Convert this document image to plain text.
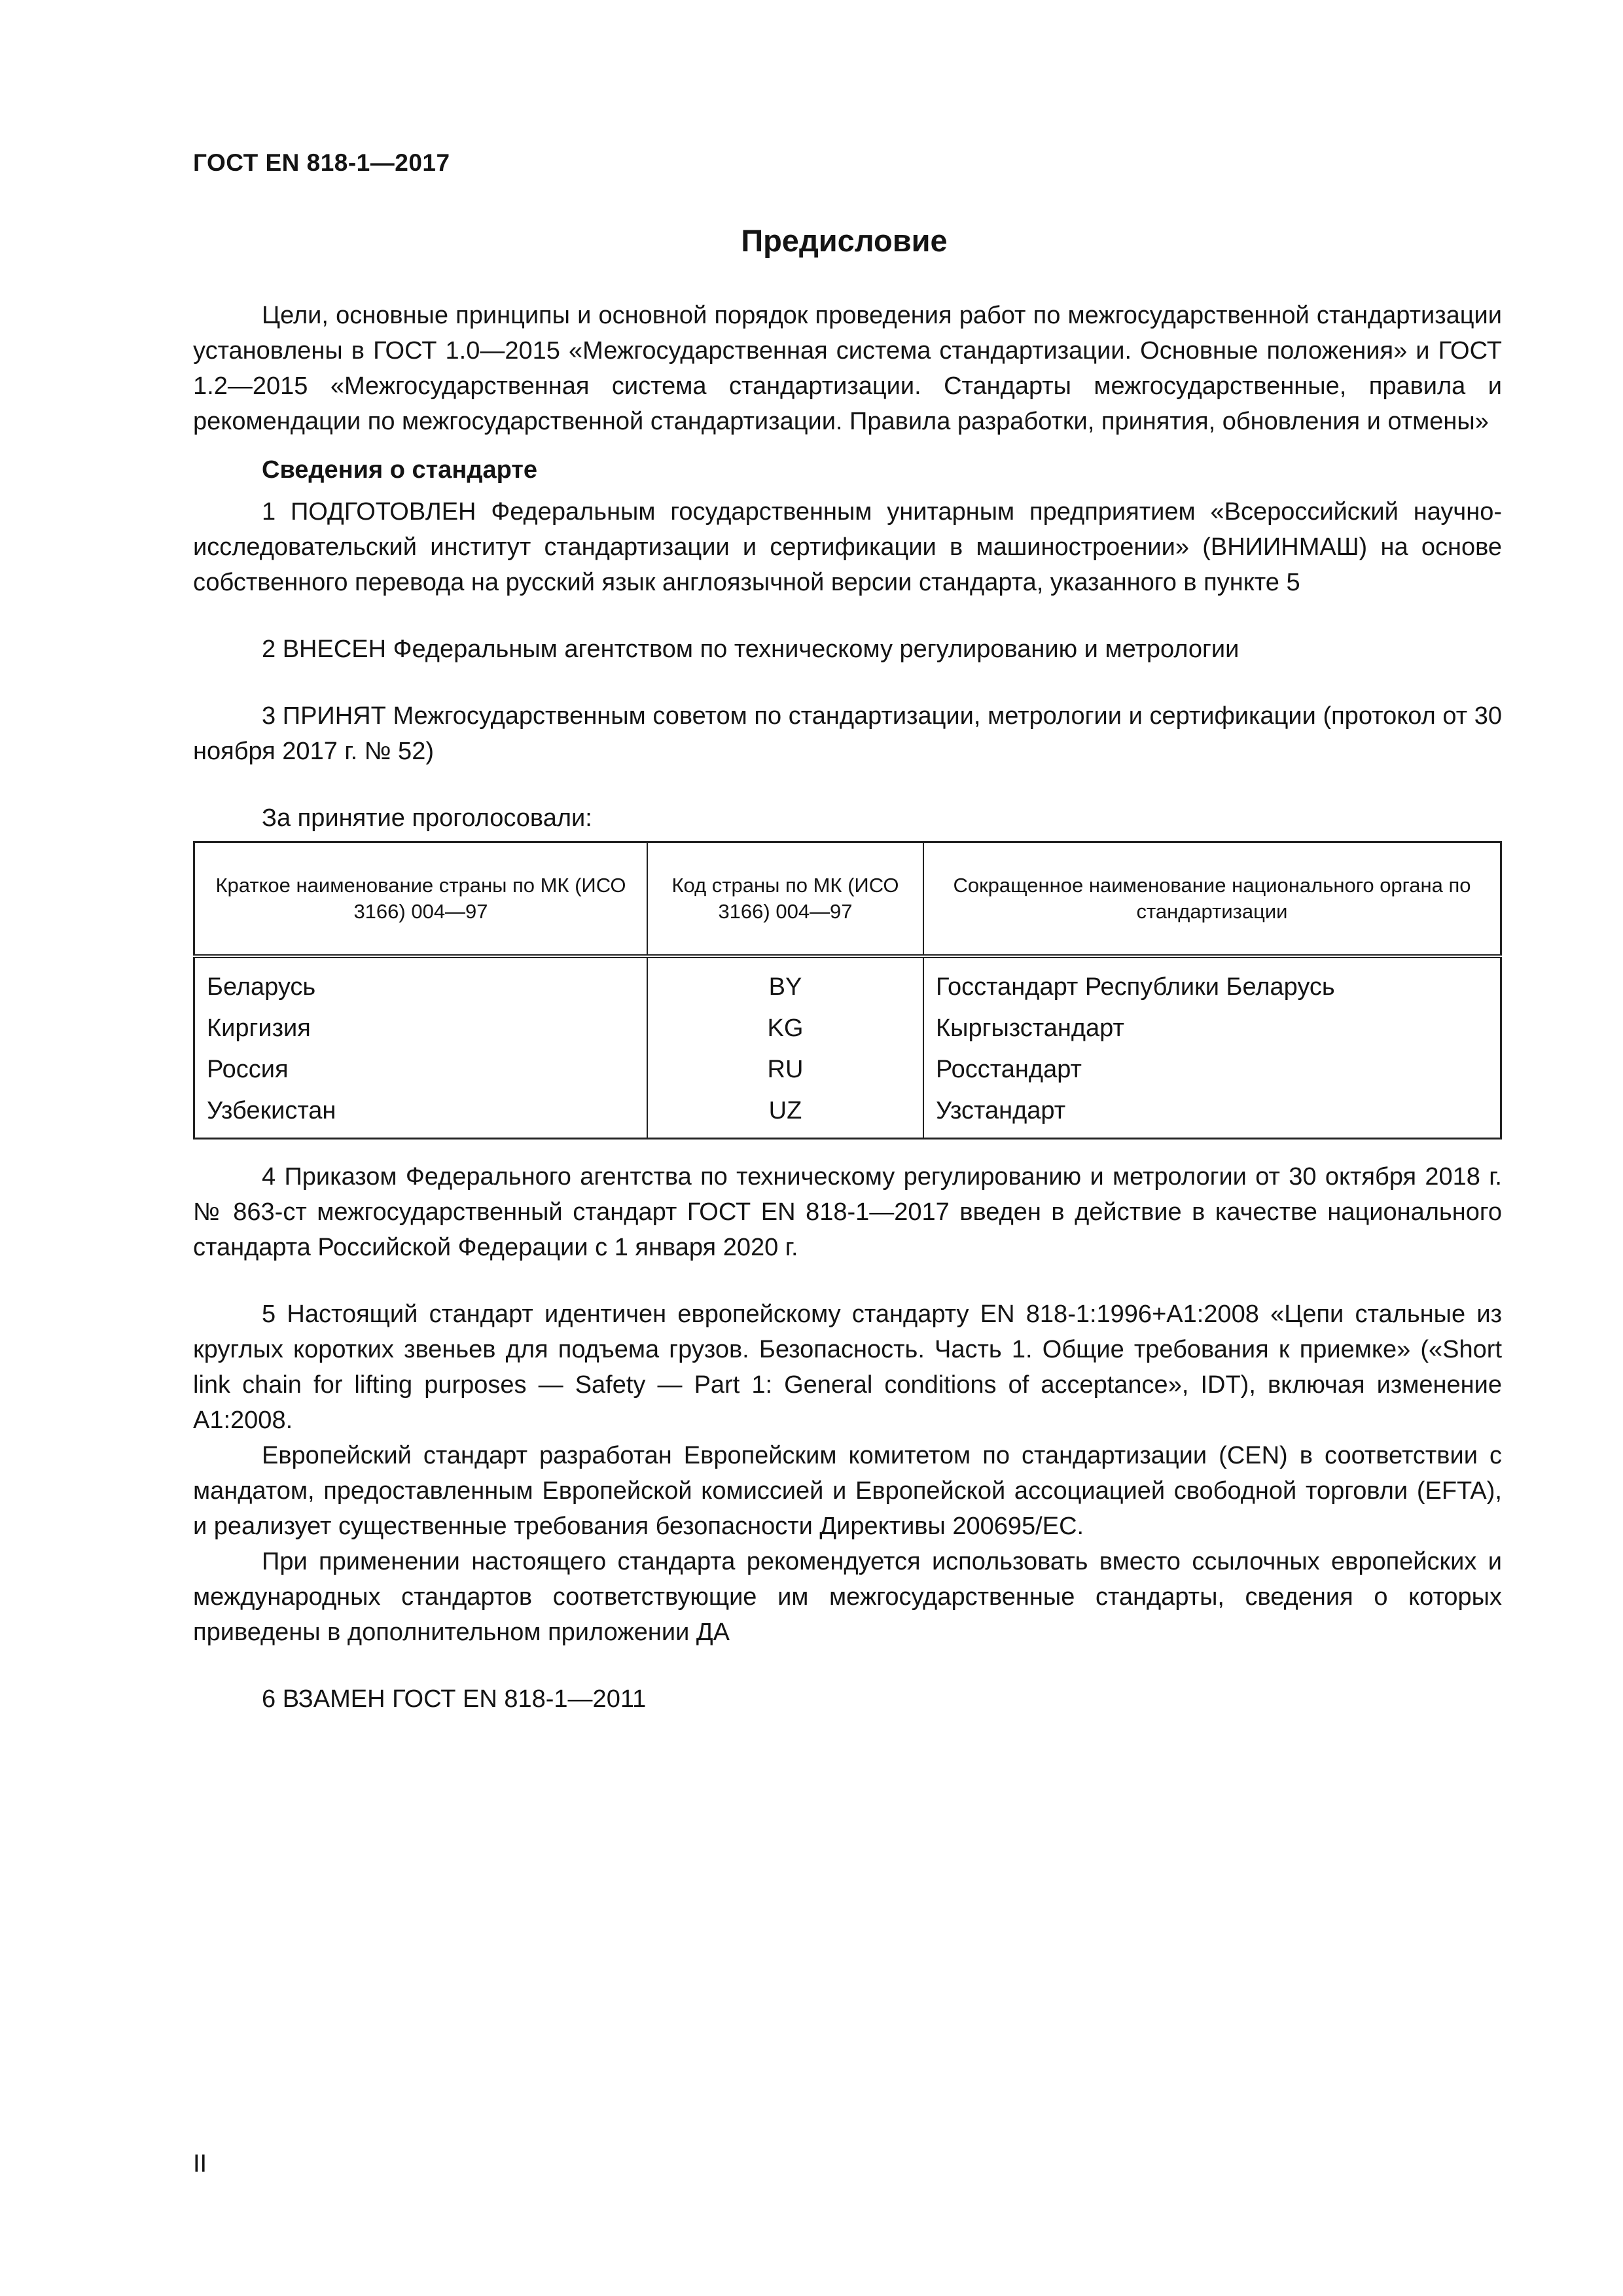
ГОСТ EN 818-1—2017
Предисловие

Цели, основные принципы и основной порядок проведения работ по межгосударственной стандартизации установлены в ГОСТ 1.0—2015 «Межгосударственная система стандартизации. Основные положения» и ГОСТ 1.2—2015 «Межгосударственная система стандартизации. Стандарты межгосударственные, правила и рекомендации по межгосударственной стандартизации. Правила разработки, принятия, обновления и отмены»

Сведения о стандарте

1 ПОДГОТОВЛЕН Федеральным государственным унитарным предприятием «Всероссийский научно-исследовательский институт стандартизации и сертификации в машиностроении» (ВНИИНМАШ) на основе собственного перевода на русский язык англоязычной версии стандарта, указанного в пункте 5

2 ВНЕСЕН Федеральным агентством по техническому регулированию и метрологии

3 ПРИНЯТ Межгосударственным советом по стандартизации, метрологии и сертификации (протокол от 30 ноября 2017 г. № 52)

За принятие проголосовали:

Краткое наименование страны по МК (ИСО 3166) 004—97	Код страны по МК (ИСО 3166) 004—97	Сокращенное наименование национального органа по стандартизации
Беларусь	BY	Госстандарт Республики Беларусь
Киргизия	KG	Кыргызстандарт
Россия	RU	Росстандарт
Узбекистан	UZ	Узстандарт

4 Приказом Федерального агентства по техническому регулированию и метрологии от 30 октября 2018 г. № 863-ст межгосударственный стандарт ГОСТ EN 818-1—2017 введен в действие в качестве национального стандарта Российской Федерации с 1 января 2020 г.

5 Настоящий стандарт идентичен европейскому стандарту EN 818-1:1996+A1:2008 «Цепи стальные из круглых коротких звеньев для подъема грузов. Безопасность. Часть 1. Общие требования к приемке» («Short link chain for lifting purposes — Safety — Part 1: General conditions of acceptance», IDT), включая изменение A1:2008.

Европейский стандарт разработан Европейским комитетом по стандартизации (CEN) в соответствии с мандатом, предоставленным Европейской комиссией и Европейской ассоциацией свободной торговли (EFTA), и реализует существенные требования безопасности Директивы 200695/EC.

При применении настоящего стандарта рекомендуется использовать вместо ссылочных европейских и международных стандартов соответствующие им межгосударственные стандарты, сведения о которых приведены в дополнительном приложении ДА

6 ВЗАМЕН ГОСТ EN 818-1—2011

II
